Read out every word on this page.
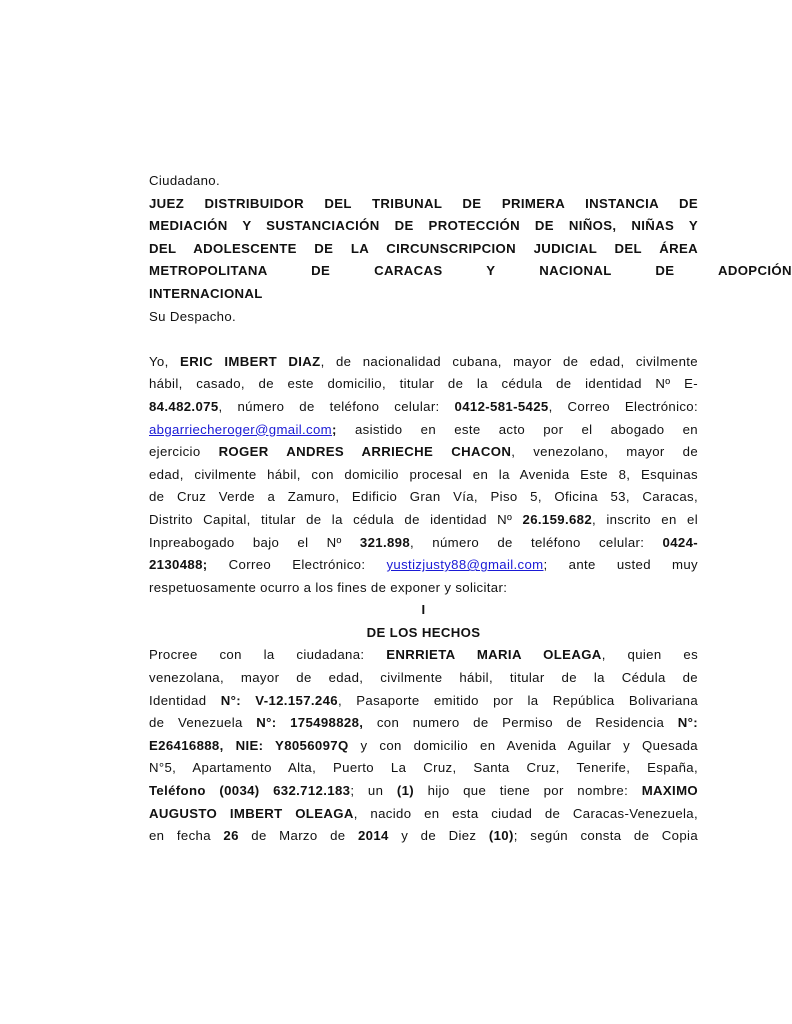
Ciudadano.
JUEZ DISTRIBUIDOR DEL TRIBUNAL DE PRIMERA INSTANCIA DE
MEDIACIÓN Y SUSTANCIACIÓN DE PROTECCIÓN DE NIÑOS, NIÑAS Y
DEL ADOLESCENTE DE LA CIRCUNSCRIPCION JUDICIAL DEL ÁREA
METROPOLITANA DE CARACAS Y NACIONAL DE ADOPCIÓN
INTERNACIONAL
Su Despacho.
Yo, ERIC IMBERT DIAZ, de nacionalidad cubana, mayor de edad, civilmente
hábil, casado, de este domicilio, titular de la cédula de identidad Nº E-
84.482.075, número de teléfono celular: 0412-581-5425, Correo Electrónico:
abgarriecheroger@gmail.com; asistido en este acto por el abogado en
ejercicio ROGER ANDRES ARRIECHE CHACON, venezolano, mayor de
edad, civilmente hábil, con domicilio procesal en la Avenida Este 8, Esquinas
de Cruz Verde a Zamuro, Edificio Gran Vía, Piso 5, Oficina 53, Caracas,
Distrito Capital, titular de la cédula de identidad Nº 26.159.682, inscrito en el
Inpreabogado bajo el Nº 321.898, número de teléfono celular: 0424-
2130488; Correo Electrónico: yustizjusty88@gmail.com; ante usted muy
respetuosamente ocurro a los fines de exponer y solicitar:
I
DE LOS HECHOS
Procree con la ciudadana: ENRRIETA MARIA OLEAGA, quien es
venezolana, mayor de edad, civilmente hábil, titular de la Cédula de
Identidad N°: V-12.157.246, Pasaporte emitido por la República Bolivariana
de Venezuela N°: 175498828, con numero de Permiso de Residencia N°:
E26416888, NIE: Y8056097Q y con domicilio en Avenida Aguilar y Quesada
N°5, Apartamento Alta, Puerto La Cruz, Santa Cruz, Tenerife, España,
Teléfono (0034) 632.712.183; un (1) hijo que tiene por nombre: MAXIMO
AUGUSTO IMBERT OLEAGA, nacido en esta ciudad de Caracas-Venezuela,
en fecha 26 de Marzo de 2014 y de Diez (10); según consta de Copia
